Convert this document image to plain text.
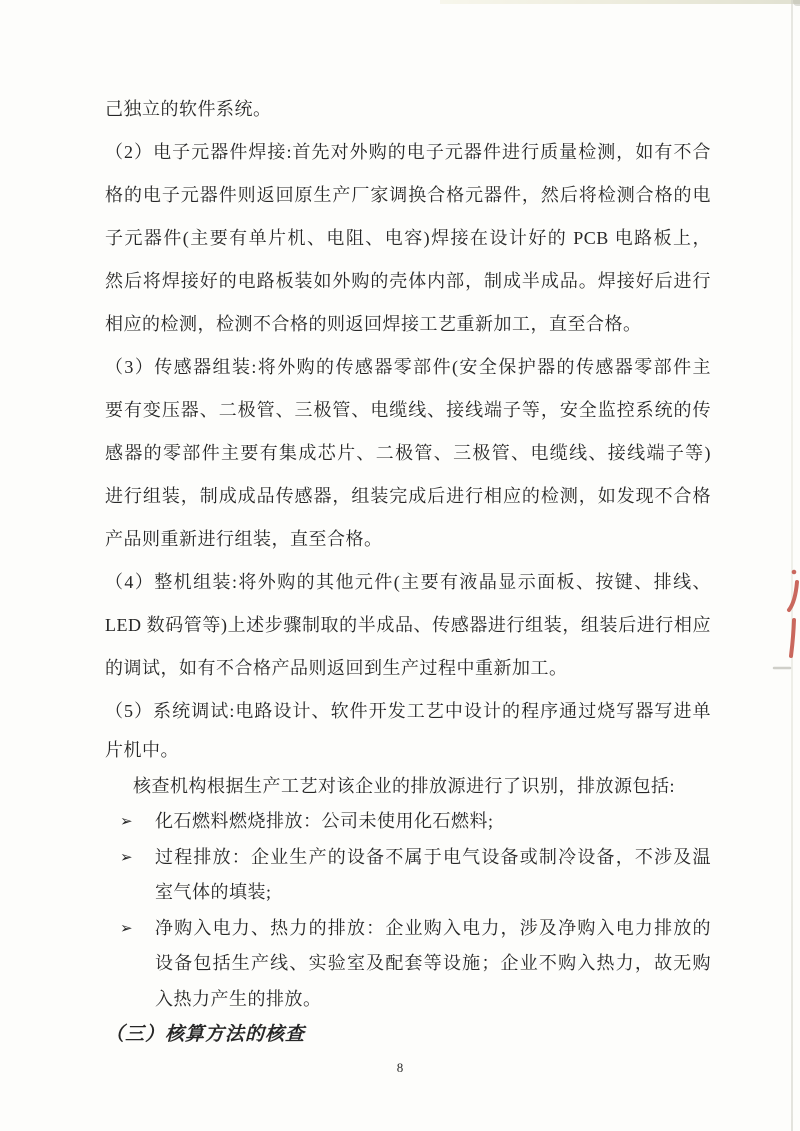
己独立的软件系统。
（2）电子元器件焊接:首先对外购的电子元器件进行质量检测，如有不合
格的电子元器件则返回原生产厂家调换合格元器件，然后将检测合格的电
子元器件(主要有单片机、电阻、电容)焊接在设计好的 PCB 电路板上，
然后将焊接好的电路板装如外购的壳体内部，制成半成品。焊接好后进行
相应的检测，检测不合格的则返回焊接工艺重新加工，直至合格。
（3）传感器组装:将外购的传感器零部件(安全保护器的传感器零部件主
要有变压器、二极管、三极管、电缆线、接线端子等，安全监控系统的传
感器的零部件主要有集成芯片、二极管、三极管、电缆线、接线端子等)
进行组装，制成成品传感器，组装完成后进行相应的检测，如发现不合格
产品则重新进行组装，直至合格。
（4）整机组装:将外购的其他元件(主要有液晶显示面板、按键、排线、
LED 数码管等)上述步骤制取的半成品、传感器进行组装，组装后进行相应
的调试，如有不合格产品则返回到生产过程中重新加工。
（5）系统调试:电路设计、软件开发工艺中设计的程序通过烧写器写进单
片机中。
核查机构根据生产工艺对该企业的排放源进行了识别，排放源包括:
化石燃料燃烧排放：公司未使用化石燃料;
➢
过程排放：企业生产的设备不属于电气设备或制冷设备，不涉及温
➢
室气体的填装;
净购入电力、热力的排放：企业购入电力，涉及净购入电力排放的
➢
设备包括生产线、实验室及配套等设施；企业不购入热力，故无购
入热力产生的排放。
（三）核算方法的核查
8
